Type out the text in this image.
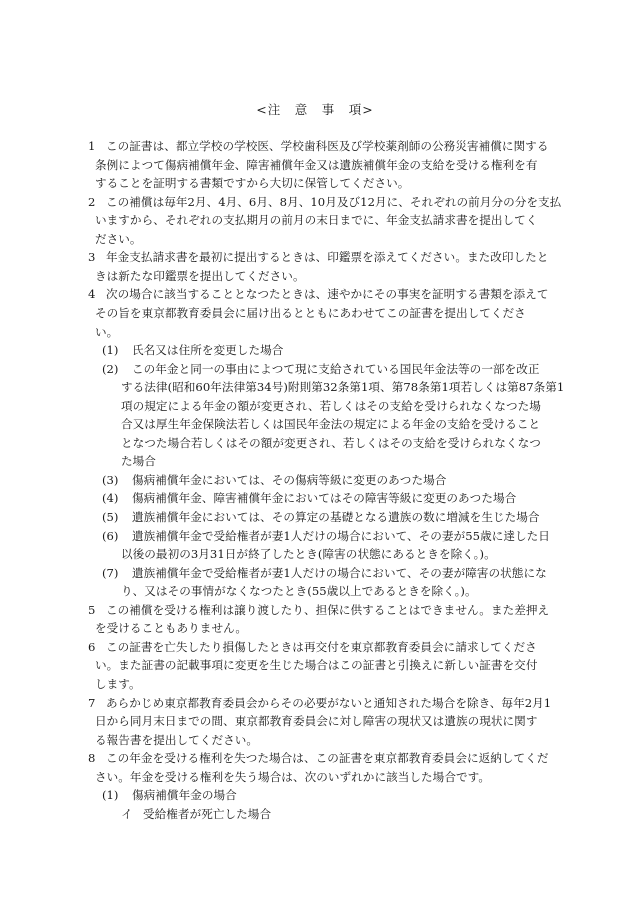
<注　意　事　項>
1 この証書は、都立学校の学校医、学校歯科医及び学校薬剤師の公務災害補償に関する
条例によつて傷病補償年金、障害補償年金又は遺族補償年金の支給を受ける権利を有
することを証明する書類ですから大切に保管してください。
2 この補償は毎年2月、4月、6月、8月、10月及び12月に、それぞれの前月分の分を支払
いますから、それぞれの支払期月の前月の末日までに、年金支払請求書を提出してく
ださい。
3 年金支払請求書を最初に提出するときは、印鑑票を添えてください。また改印したと
きは新たな印鑑票を提出してください。
4 次の場合に該当することとなつたときは、速やかにその事実を証明する書類を添えて
その旨を東京都教育委員会に届け出るとともにあわせてこの証書を提出してくださ
い。
(1) 氏名又は住所を変更した場合
(2) この年金と同一の事由によつて現に支給されている国民年金法等の一部を改正
する法律(昭和60年法律第34号)附則第32条第1項、第78条第1項若しくは第87条第1
項の規定による年金の額が変更され、若しくはその支給を受けられなくなつた場
合又は厚生年金保険法若しくは国民年金法の規定による年金の支給を受けること
となつた場合若しくはその額が変更され、若しくはその支給を受けられなくなつ
た場合
(3) 傷病補償年金においては、その傷病等級に変更のあつた場合
(4) 傷病補償年金、障害補償年金においてはその障害等級に変更のあつた場合
(5) 遺族補償年金においては、その算定の基礎となる遺族の数に増減を生じた場合
(6) 遺族補償年金で受給権者が妻1人だけの場合において、その妻が55歳に達した日
以後の最初の3月31日が終了したとき(障害の状態にあるときを除く。)。
(7) 遺族補償年金で受給権者が妻1人だけの場合において、その妻が障害の状態にな
り、又はその事情がなくなつたとき(55歳以上であるときを除く。)。
5 この補償を受ける権利は譲り渡したり、担保に供することはできません。また差押え
を受けることもありません。
6 この証書を亡失したり損傷したときは再交付を東京都教育委員会に請求してくださ
い。また証書の記載事項に変更を生じた場合はこの証書と引換えに新しい証書を交付
します。
7 あらかじめ東京都教育委員会からその必要がないと通知された場合を除き、毎年2月1
日から同月末日までの間、東京都教育委員会に対し障害の現状又は遺族の現状に関す
る報告書を提出してください。
8 この年金を受ける権利を失つた場合は、この証書を東京都教育委員会に返納してくだ
さい。年金を受ける権利を失う場合は、次のいずれかに該当した場合です。
(1) 傷病補償年金の場合
イ 受給権者が死亡した場合
